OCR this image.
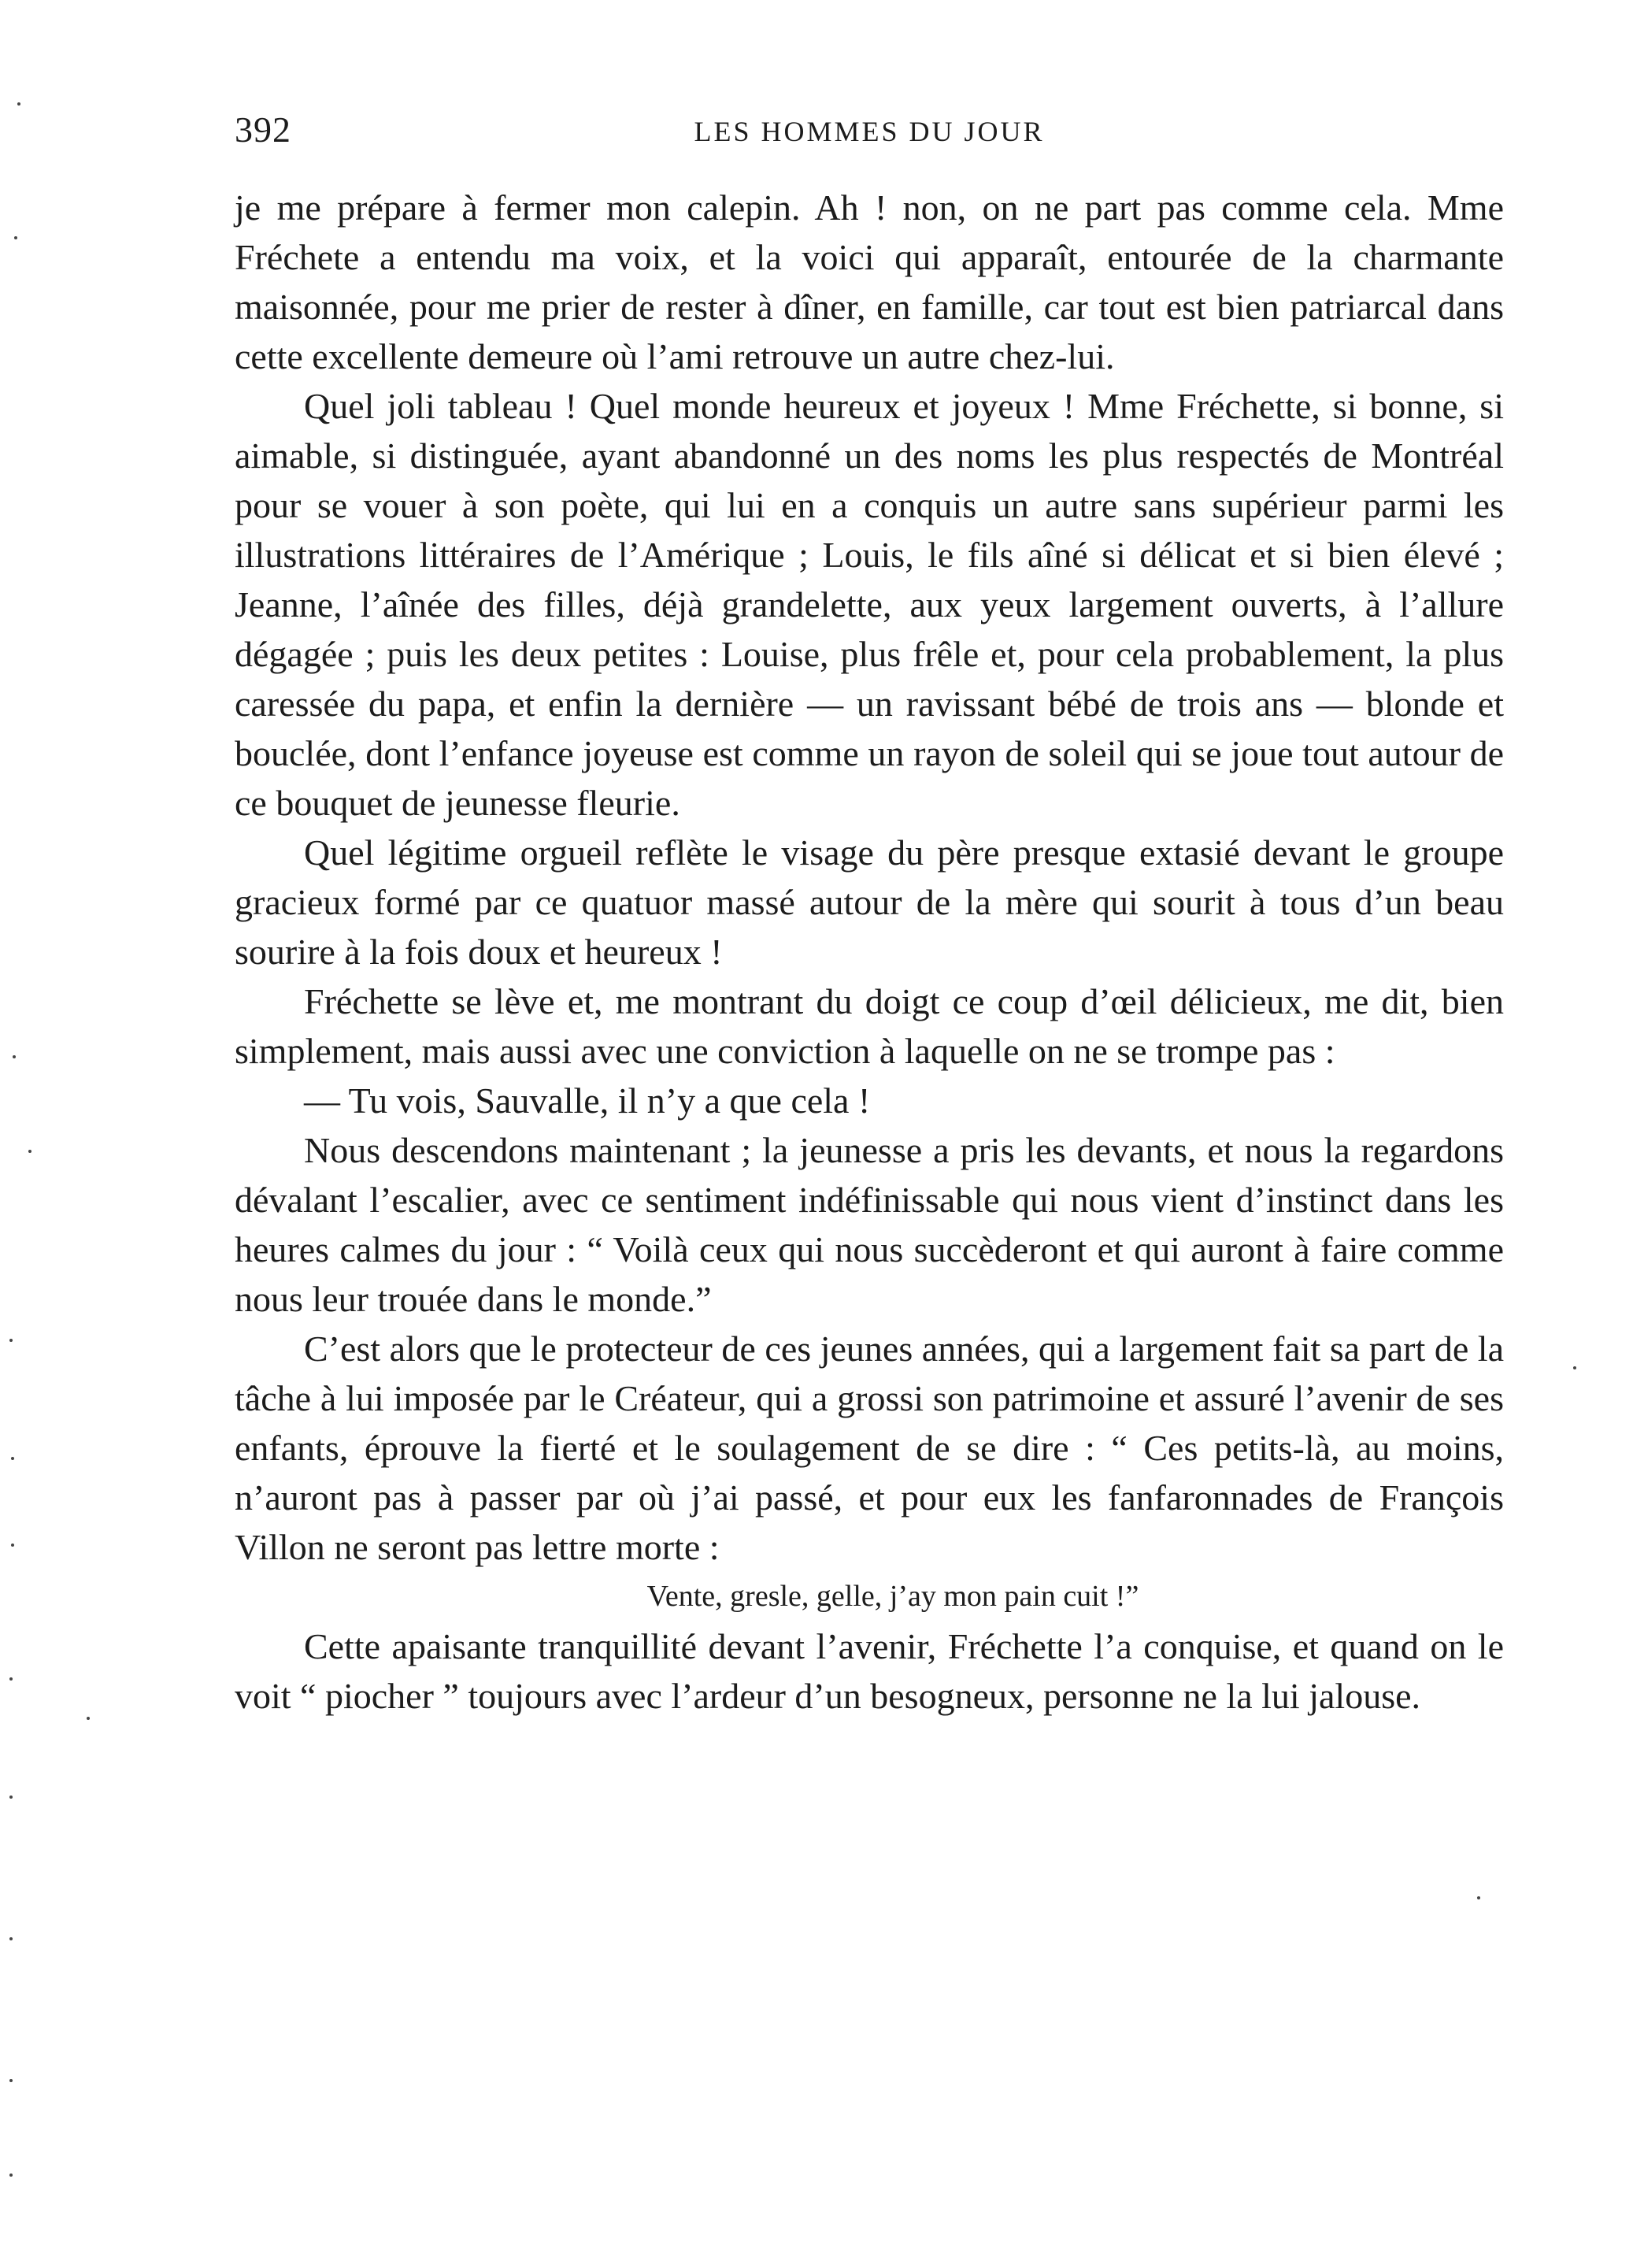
392	LES HOMMES DU JOUR

je me prépare à fermer mon calepin. Ah ! non, on ne part pas comme cela. Mme Fréchete a entendu ma voix, et la voici qui apparaît, entourée de la charmante maisonnée, pour me prier de rester à dîner, en famille, car tout est bien patriarcal dans cette excellente demeure où l’ami retrouve un autre chez-lui.

Quel joli tableau ! Quel monde heureux et joyeux ! Mme Fréchette, si bonne, si aimable, si distinguée, ayant abandonné un des noms les plus respectés de Montréal pour se vouer à son poète, qui lui en a conquis un autre sans supérieur parmi les illustrations littéraires de l’Amérique ; Louis, le fils aîné si délicat et si bien élevé ; Jeanne, l’aînée des filles, déjà grandelette, aux yeux largement ouverts, à l’allure dégagée ; puis les deux petites : Louise, plus frêle et, pour cela probablement, la plus caressée du papa, et enfin la dernière — un ravissant bébé de trois ans — blonde et bouclée, dont l’enfance joyeuse est comme un rayon de soleil qui se joue tout autour de ce bouquet de jeunesse fleurie.

Quel légitime orgueil reflète le visage du père presque extasié devant le groupe gracieux formé par ce quatuor massé autour de la mère qui sourit à tous d’un beau sourire à la fois doux et heureux !

Fréchette se lève et, me montrant du doigt ce coup d’œil délicieux, me dit, bien simplement, mais aussi avec une conviction à laquelle on ne se trompe pas :

— Tu vois, Sauvalle, il n’y a que cela !

Nous descendons maintenant ; la jeunesse a pris les devants, et nous la regardons dévalant l’escalier, avec ce sentiment indéfinissable qui nous vient d’instinct dans les heures calmes du jour : “ Voilà ceux qui nous succèderont et qui auront à faire comme nous leur trouée dans le monde.”

C’est alors que le protecteur de ces jeunes années, qui a largement fait sa part de la tâche à lui imposée par le Créateur, qui a grossi son patrimoine et assuré l’avenir de ses enfants, éprouve la fierté et le soulagement de se dire : “ Ces petits-là, au moins, n’auront pas à passer par où j’ai passé, et pour eux les fanfaronnades de François Villon ne seront pas lettre morte :

Vente, gresle, gelle, j’ay mon pain cuit !”

Cette apaisante tranquillité devant l’avenir, Fréchette l’a conquise, et quand on le voit “ piocher ” toujours avec l’ardeur d’un besogneux, personne ne la lui jalouse.
